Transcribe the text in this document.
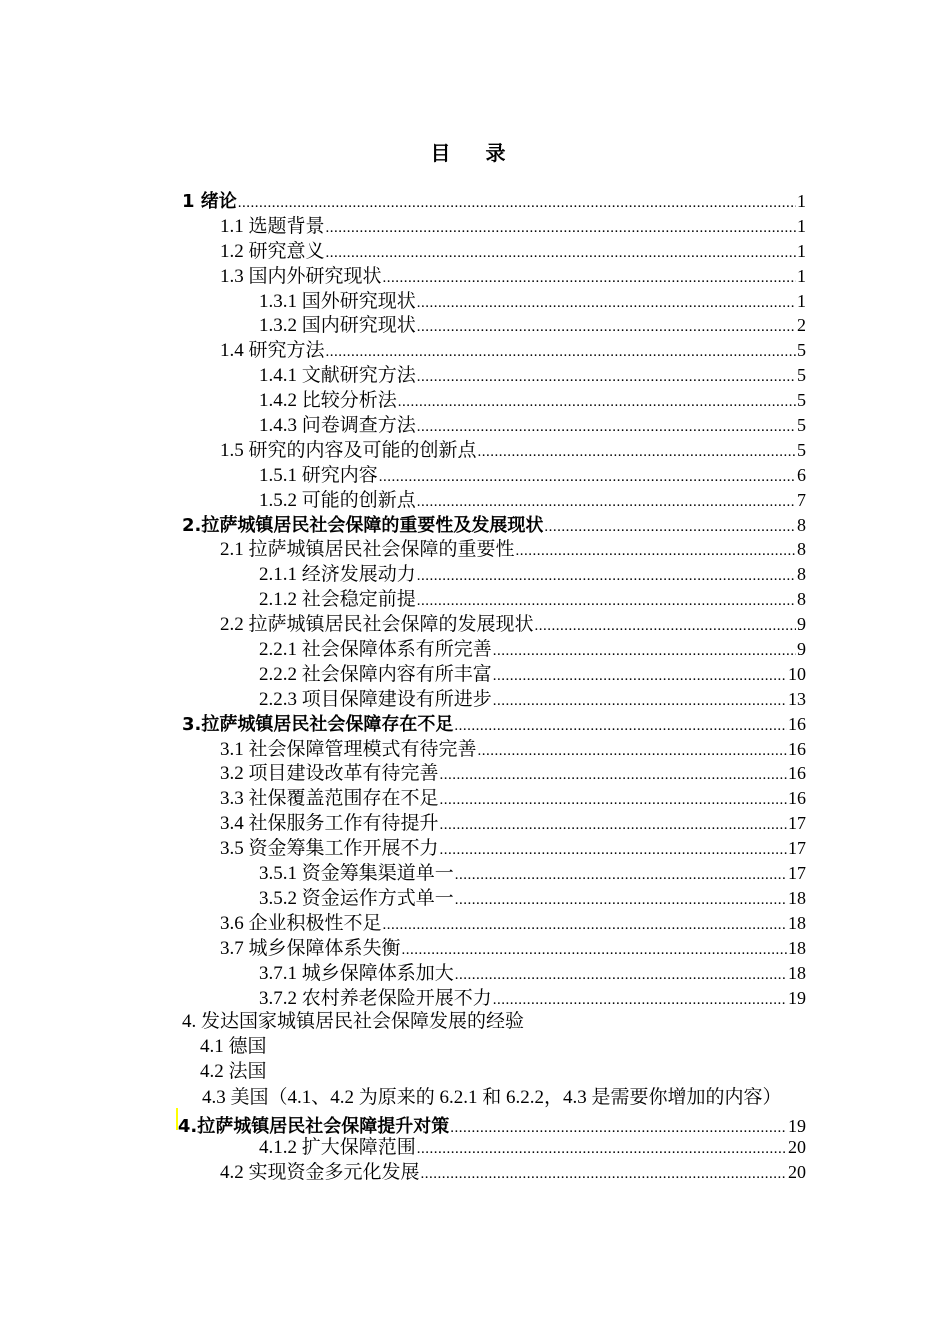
目 录
1 绪论 .....	1
1.1 选题背景 .....	1
1.2 研究意义 .....	1
1.3 国内外研究现状 .....	1
1.3.1 国外研究现状 .....	1
1.3.2 国内研究现状 .....	2
1.4 研究方法 .....	5
1.4.1 文献研究方法 .....	5
1.4.2 比较分析法 .....	5
1.4.3 问卷调查方法 .....	5
1.5 研究的内容及可能的创新点 .....	5
1.5.1 研究内容 .....	6
1.5.2 可能的创新点 .....	7
2.拉萨城镇居民社会保障的重要性及发展现状 .....	8
2.1 拉萨城镇居民社会保障的重要性 .....	8
2.1.1 经济发展动力 .....	8
2.1.2 社会稳定前提 .....	8
2.2 拉萨城镇居民社会保障的发展现状 .....	9
2.2.1 社会保障体系有所完善 .....	9
2.2.2 社会保障内容有所丰富 .....	10
2.2.3 项目保障建设有所进步 .....	13
3.拉萨城镇居民社会保障存在不足 .....	16
3.1 社会保障管理模式有待完善 .....	16
3.2 项目建设改革有待完善 .....	16
3.3 社保覆盖范围存在不足 .....	16
3.4 社保服务工作有待提升 .....	17
3.5 资金筹集工作开展不力 .....	17
3.5.1 资金筹集渠道单一 .....	17
3.5.2 资金运作方式单一 .....	18
3.6 企业积极性不足 .....	18
3.7 城乡保障体系失衡 .....	18
3.7.1 城乡保障体系加大 .....	18
3.7.2 农村养老保险开展不力 .....	19
4. 发达国家城镇居民社会保障发展的经验
4.1 德国
4.2 法国
4.3 美国（4.1、4.2 为原来的 6.2.1 和 6.2.2，4.3 是需要你增加的内容）
4.拉萨城镇居民社会保障提升对策 .....	19
4.1.2 扩大保障范围 .....	20
4.2 实现资金多元化发展 .....	20
